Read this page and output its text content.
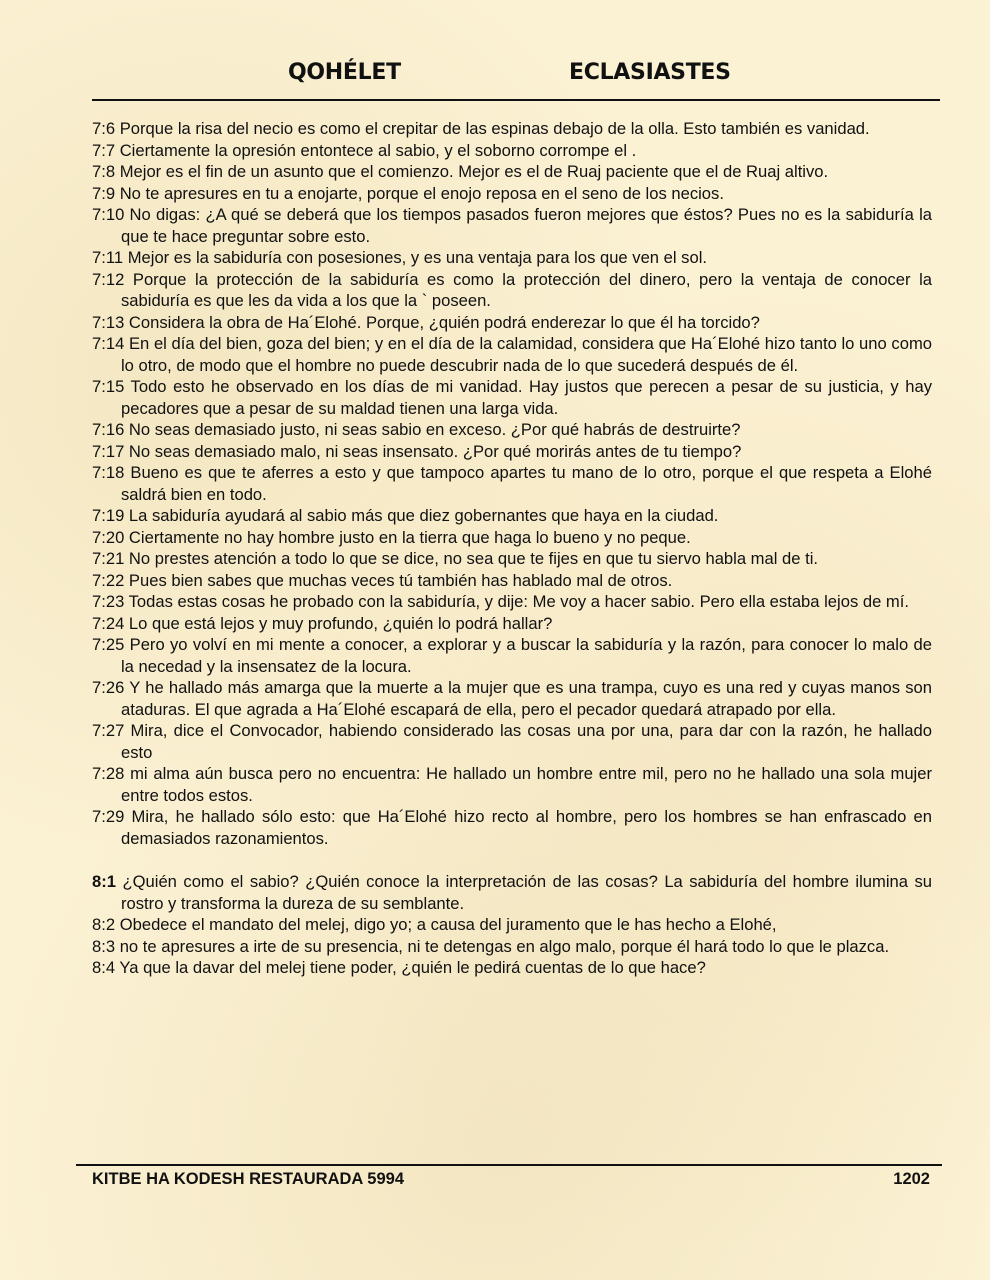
QOHÉLET	ECLASIASTES

7:6 Porque la risa del necio es como el crepitar de las espinas debajo de la olla. Esto también es vanidad.

7:7 Ciertamente la opresión entontece al sabio, y el soborno corrompe el .

7:8 Mejor es el fin de un asunto que el comienzo. Mejor es el de Ruaj paciente que el de Ruaj altivo.

7:9 No te apresures en tu a enojarte, porque el enojo reposa en el seno de los necios.

7:10 No digas: ¿A qué se deberá que los tiempos pasados fueron mejores que éstos? Pues no es la sabiduría la que te hace preguntar sobre esto.

7:11 Mejor es la sabiduría con posesiones, y es una ventaja para los que ven el sol.

7:12 Porque la protección de la sabiduría es como la protección del dinero, pero la ventaja de conocer la sabiduría es que les da vida a los que la ` poseen.

7:13 Considera la obra de Ha´Elohé. Porque, ¿quién podrá enderezar lo que él ha torcido?

7:14 En el día del bien, goza del bien; y en el día de la calamidad, considera que Ha´Elohé hizo tanto lo uno como lo otro, de modo que el hombre no puede descubrir nada de lo que sucederá después de él.

7:15 Todo esto he observado en los días de mi vanidad. Hay justos que perecen a pesar de su justicia, y hay pecadores que a pesar de su maldad tienen una larga vida.

7:16 No seas demasiado justo, ni seas sabio en exceso. ¿Por qué habrás de destruirte?

7:17 No seas demasiado malo, ni seas insensato. ¿Por qué morirás antes de tu tiempo?

7:18 Bueno es que te aferres a esto y que tampoco apartes tu mano de lo otro, porque el que respeta a Elohé saldrá bien en todo.

7:19 La sabiduría ayudará al sabio más que diez gobernantes que haya en la ciudad.

7:20 Ciertamente no hay hombre justo en la tierra que haga lo bueno y no peque.

7:21 No prestes atención a todo lo que se dice, no sea que te fijes en que tu siervo habla mal de ti.

7:22 Pues bien sabes que muchas veces tú también has hablado mal de otros.

7:23 Todas estas cosas he probado con la sabiduría, y dije: Me voy a hacer sabio. Pero ella estaba lejos de mí.

7:24 Lo que está lejos y muy profundo, ¿quién lo podrá hallar?

7:25 Pero yo volví en mi mente a conocer, a explorar y a buscar la sabiduría y la razón, para conocer lo malo de la necedad y la insensatez de la locura.

7:26 Y he hallado más amarga que la muerte a la mujer que es una trampa, cuyo es una red y cuyas manos son ataduras. El que agrada a Ha´Elohé escapará de ella, pero el pecador quedará atrapado por ella.

7:27 Mira, dice el Convocador, habiendo considerado las cosas una por una, para dar con la razón, he hallado esto

7:28 mi alma aún busca pero no encuentra: He hallado un hombre entre mil, pero no he hallado una sola mujer entre todos estos.

7:29 Mira, he hallado sólo esto: que Ha´Elohé hizo recto al hombre, pero los hombres se han enfrascado en demasiados razonamientos.

8:1 ¿Quién como el sabio? ¿Quién conoce la interpretación de las cosas? La sabiduría del hombre ilumina su rostro y transforma la dureza de su semblante.

8:2 Obedece el mandato del melej, digo yo; a causa del juramento que le has hecho a Elohé,

8:3 no te apresures a irte de su presencia, ni te detengas en algo malo, porque él hará todo lo que le plazca.

8:4 Ya que la davar del melej tiene poder, ¿quién le pedirá cuentas de lo que hace?

KITBE HA KODESH RESTAURADA 5994	1202
